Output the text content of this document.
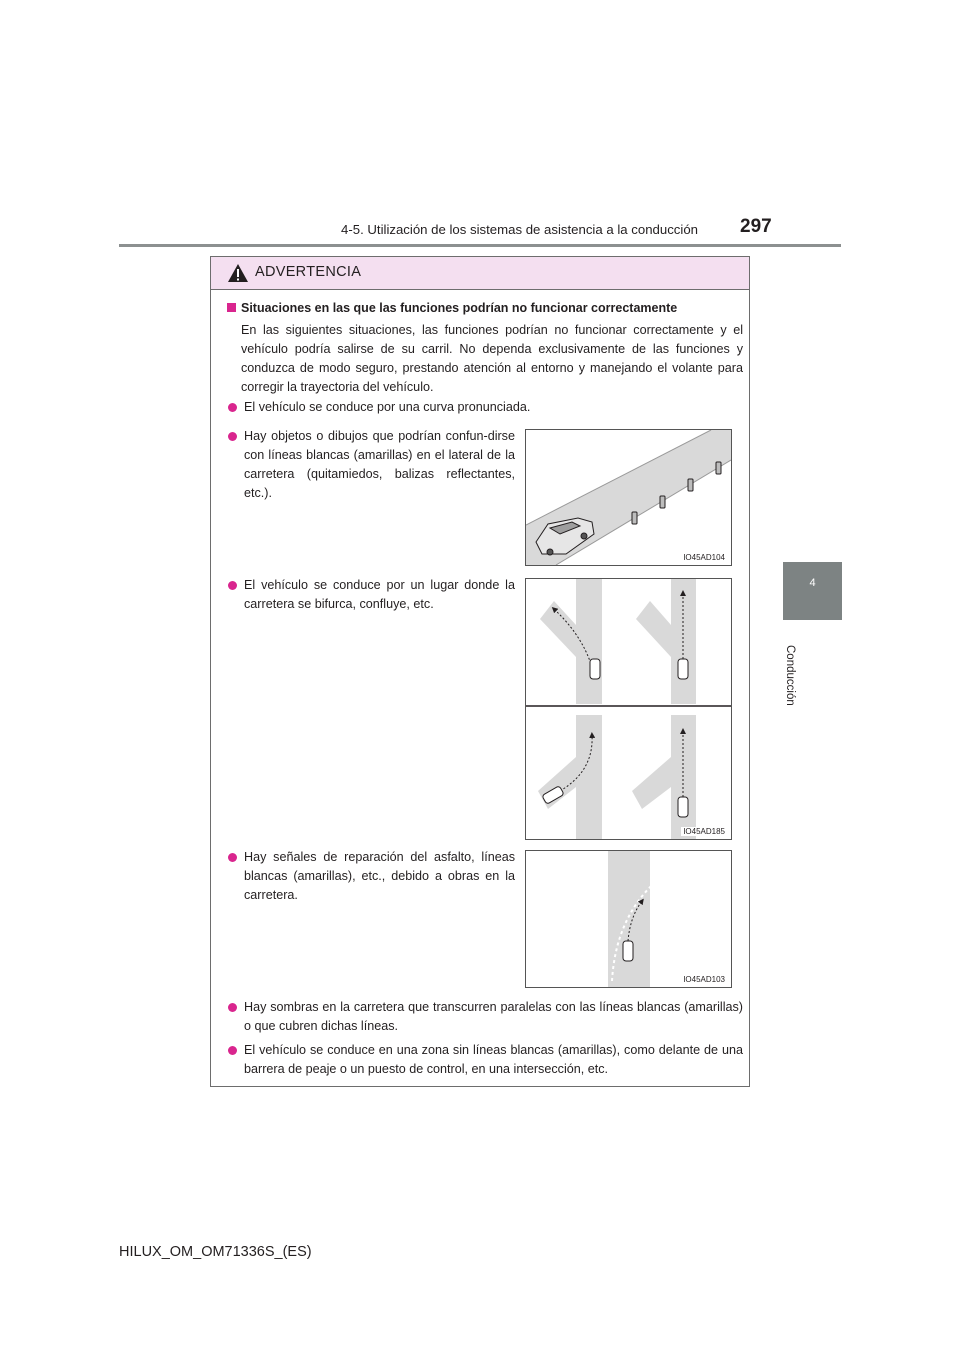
4-5. Utilización de los sistemas de asistencia a la conducción 297
4
Conducción
ADVERTENCIA
Situaciones en las que las funciones podrían no funcionar correctamente
En las siguientes situaciones, las funciones podrían no funcionar correctamente y el vehículo podría salirse de su carril. No dependa exclusivamente de las funciones y conduzca de modo seguro, prestando atención al entorno y manejando el volante para corregir la trayectoria del vehículo.
El vehículo se conduce por una curva pronunciada.
Hay objetos o dibujos que podrían confun-dirse con líneas blancas (amarillas) en el lateral de la carretera (quitamiedos, balizas reflectantes, etc.).
IO45AD104
El vehículo se conduce por un lugar donde la carretera se bifurca, confluye, etc.
IO45AD185
Hay señales de reparación del asfalto, líneas blancas (amarillas), etc., debido a obras en la carretera.
IO45AD103
Hay sombras en la carretera que transcurren paralelas con las líneas blancas (amarillas) o que cubren dichas líneas.
El vehículo se conduce en una zona sin líneas blancas (amarillas), como delante de una barrera de peaje o un puesto de control, en una intersección, etc.
HILUX_OM_OM71336S_(ES)
